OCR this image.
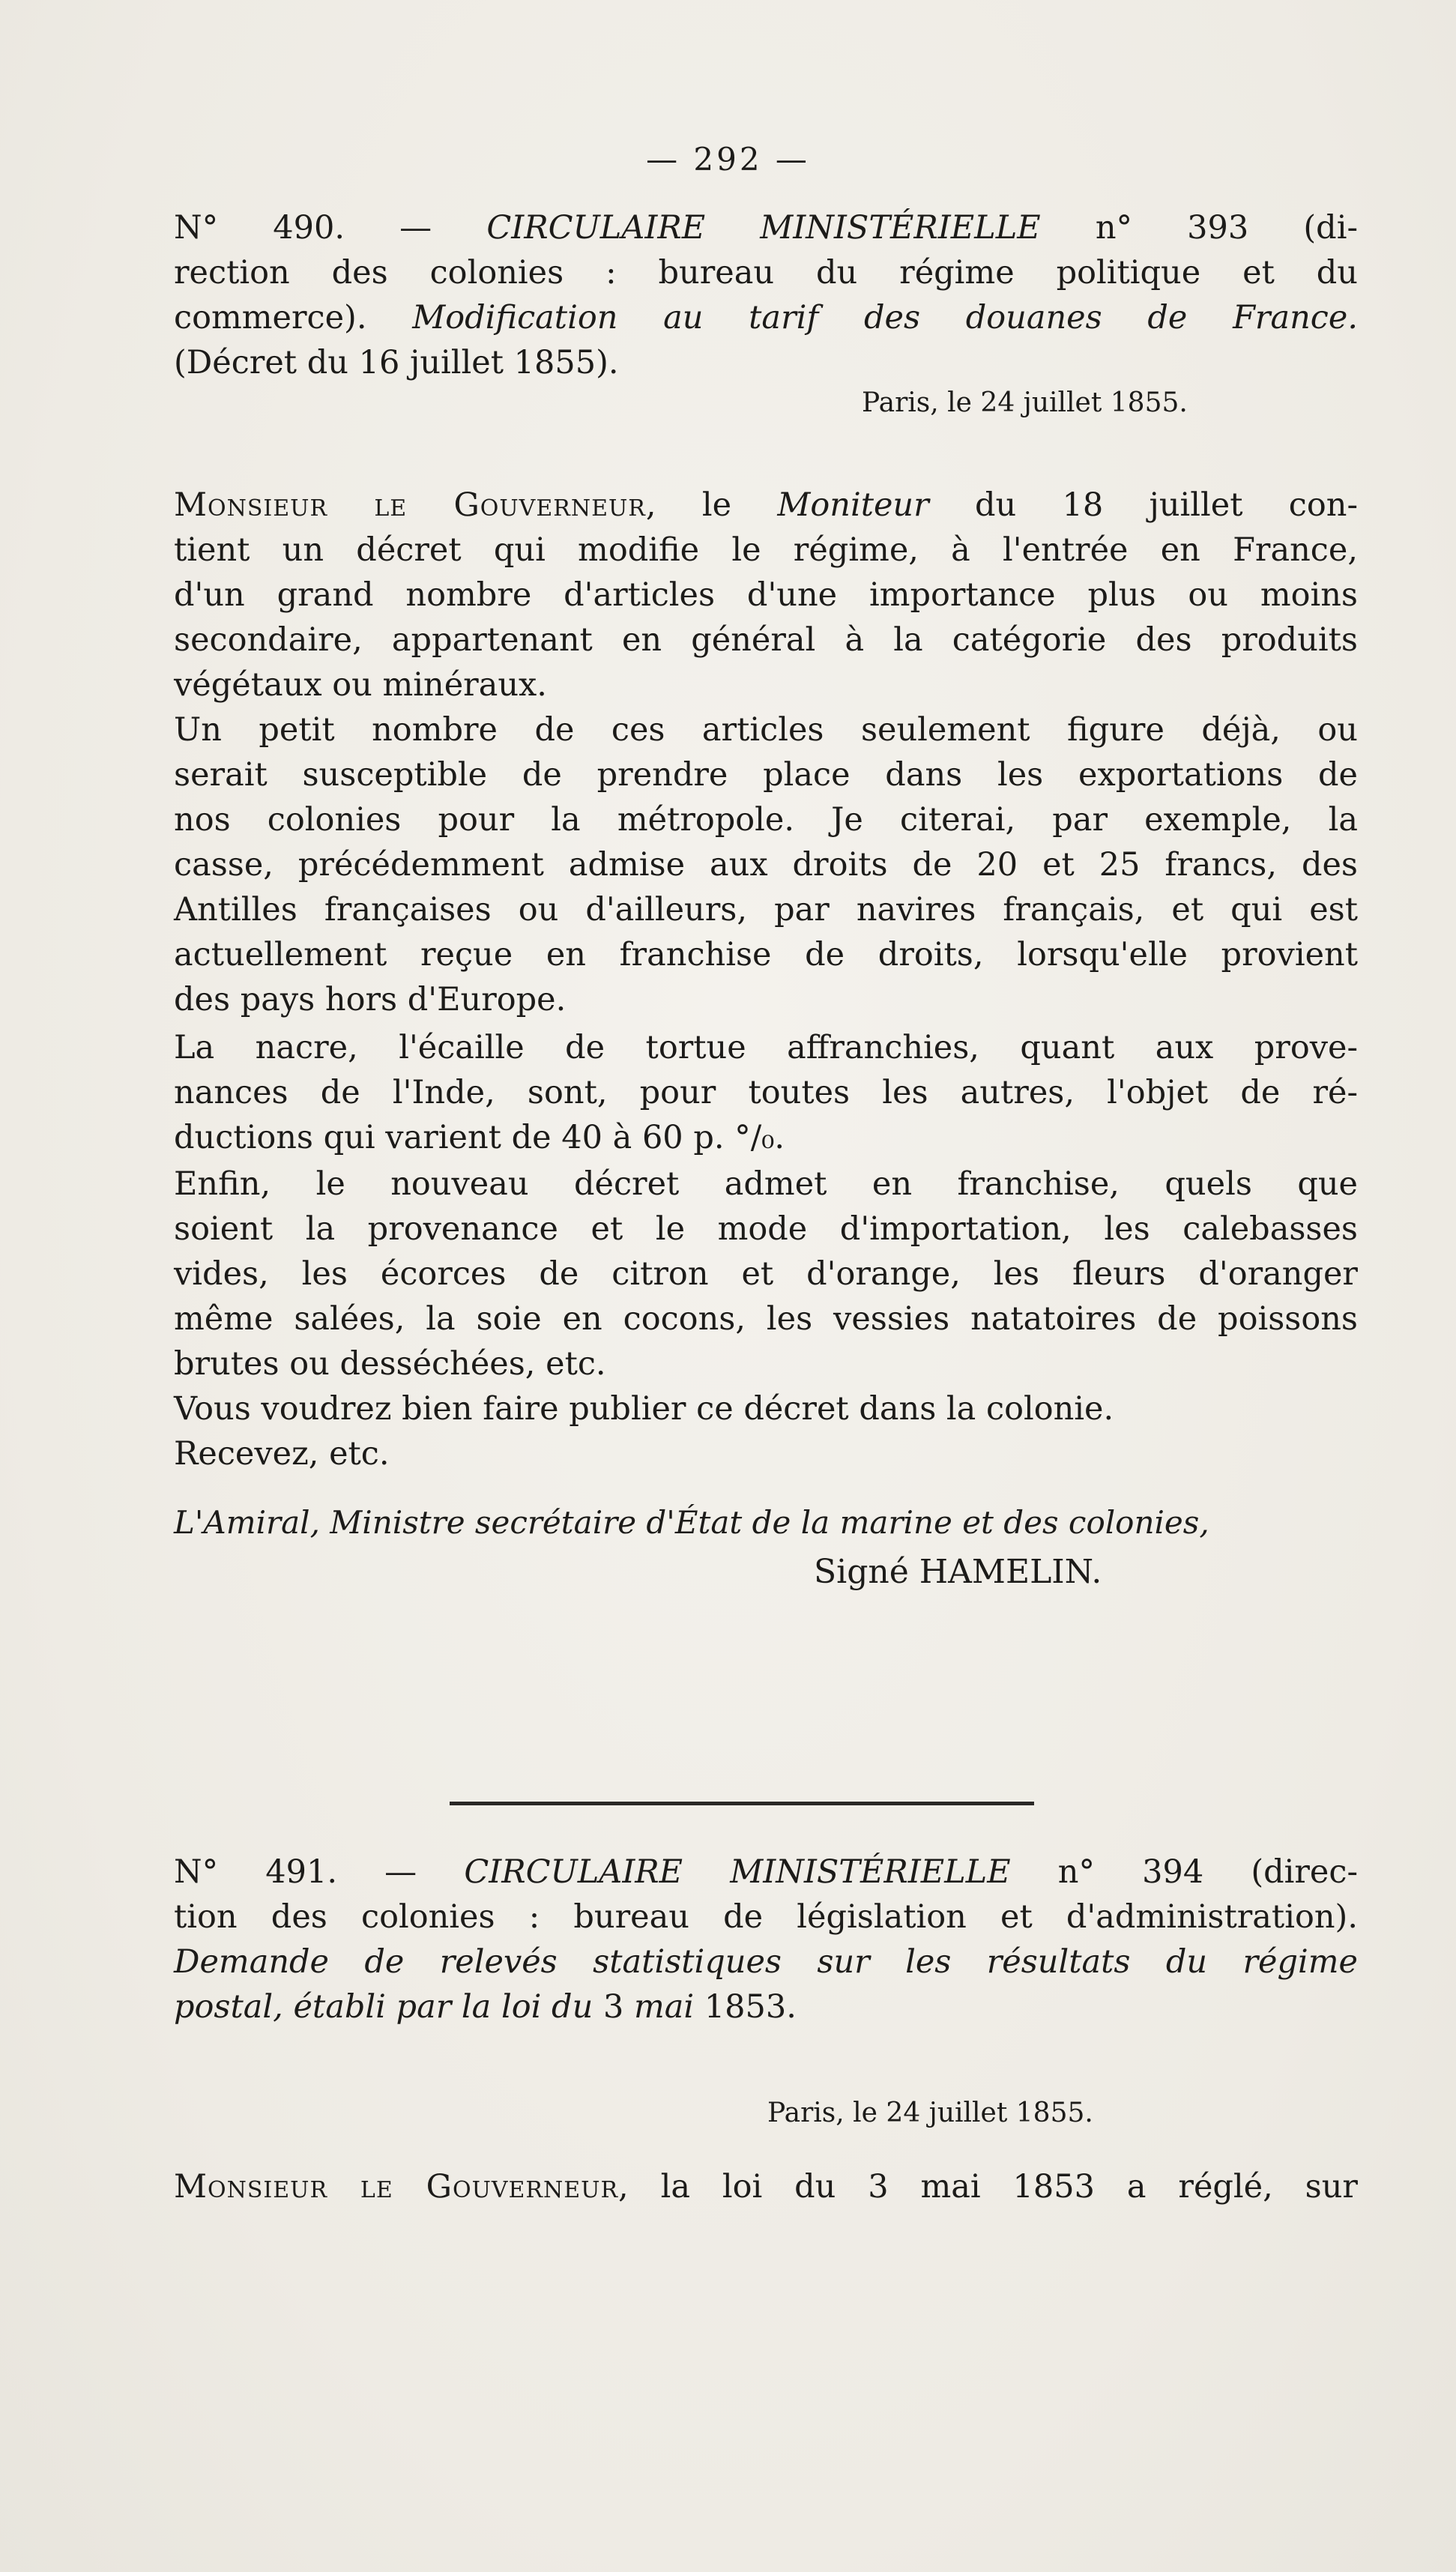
— 292 —
N° 490. — CIRCULAIRE MINISTÉRIELLE n° 393 (di-
rection des colonies : bureau du régime politique et du
commerce). Modification au tarif des douanes de France.
(Décret du 16 juillet 1855).
Paris, le 24 juillet 1855.
Monsieur le Gouverneur, le Moniteur du 18 juillet con-
tient un décret qui modifie le régime, à l'entrée en France,
d'un grand nombre d'articles d'une importance plus ou moins
secondaire, appartenant en général à la catégorie des produits
végétaux ou minéraux.
Un petit nombre de ces articles seulement figure déjà, ou
serait susceptible de prendre place dans les exportations de
nos colonies pour la métropole. Je citerai, par exemple, la
casse, précédemment admise aux droits de 20 et 25 francs, des
Antilles françaises ou d'ailleurs, par navires français, et qui est
actuellement reçue en franchise de droits, lorsqu'elle provient
des pays hors d'Europe.
La nacre, l'écaille de tortue affranchies, quant aux prove-
nances de l'Inde, sont, pour toutes les autres, l'objet de ré-
ductions qui varient de 40 à 60 p. °/₀.
Enfin, le nouveau décret admet en franchise, quels que
soient la provenance et le mode d'importation, les calebasses
vides, les écorces de citron et d'orange, les fleurs d'oranger
même salées, la soie en cocons, les vessies natatoires de poissons
brutes ou desséchées, etc.
Vous voudrez bien faire publier ce décret dans la colonie.
Recevez, etc.
L'Amiral, Ministre secrétaire d'État de la marine et des colonies,
Signé HAMELIN.
N° 491. — CIRCULAIRE MINISTÉRIELLE n° 394 (direc-
tion des colonies : bureau de législation et d'administration).
Demande de relevés statistiques sur les résultats du régime
postal, établi par la loi du 3 mai 1853.
Paris, le 24 juillet 1855.
Monsieur le Gouverneur, la loi du 3 mai 1853 a réglé, sur
